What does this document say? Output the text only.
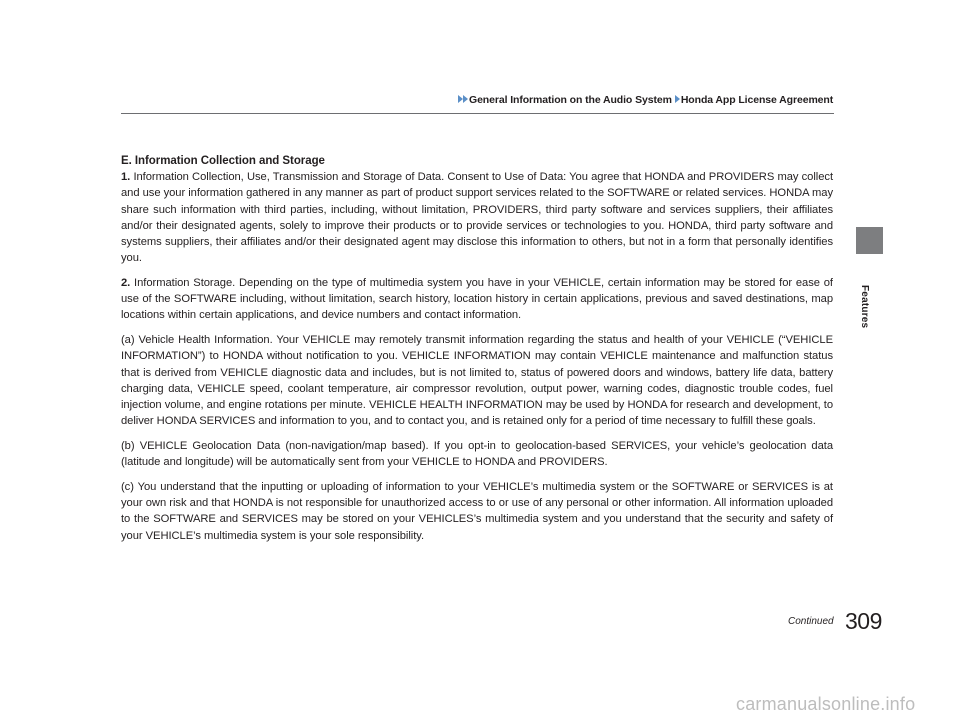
General Information on the Audio System Honda App License Agreement
Features
E. Information Collection and Storage

1. Information Collection, Use, Transmission and Storage of Data. Consent to Use of Data: You agree that HONDA and PROVIDERS may collect and use your information gathered in any manner as part of product support services related to the SOFTWARE or related services. HONDA may share such information with third parties, including, without limitation, PROVIDERS, third party software and services suppliers, their affiliates and/or their designated agents, solely to improve their products or to provide services or technologies to you. HONDA, third party software and systems suppliers, their affiliates and/or their designated agent may disclose this information to others, but not in a form that personally identifies you.

2. Information Storage. Depending on the type of multimedia system you have in your VEHICLE, certain information may be stored for ease of use of the SOFTWARE including, without limitation, search history, location history in certain applications, previous and saved destinations, map locations within certain applications, and device numbers and contact information.

(a) Vehicle Health Information. Your VEHICLE may remotely transmit information regarding the status and health of your VEHICLE (“VEHICLE INFORMATION”) to HONDA without notification to you. VEHICLE INFORMATION may contain VEHICLE maintenance and malfunction status that is derived from VEHICLE diagnostic data and includes, but is not limited to, status of powered doors and windows, battery life data, battery charging data, VEHICLE speed, coolant temperature, air compressor revolution, output power, warning codes, diagnostic trouble codes, fuel injection volume, and engine rotations per minute. VEHICLE HEALTH INFORMATION may be used by HONDA for research and development, to deliver HONDA SERVICES and information to you, and to contact you, and is retained only for a period of time necessary to fulfill these goals.

(b) VEHICLE Geolocation Data (non-navigation/map based). If you opt-in to geolocation-based SERVICES, your vehicle’s geolocation data (latitude and longitude) will be automatically sent from your VEHICLE to HONDA and PROVIDERS.

(c) You understand that the inputting or uploading of information to your VEHICLE’s multimedia system or the SOFTWARE or SERVICES is at your own risk and that HONDA is not responsible for unauthorized access to or use of any personal or other information. All information uploaded to the SOFTWARE and SERVICES may be stored on your VEHICLES’s multimedia system and you understand that the security and safety of your VEHICLE’s multimedia system is your sole responsibility.

Continued 309
carmanualsonline.info
